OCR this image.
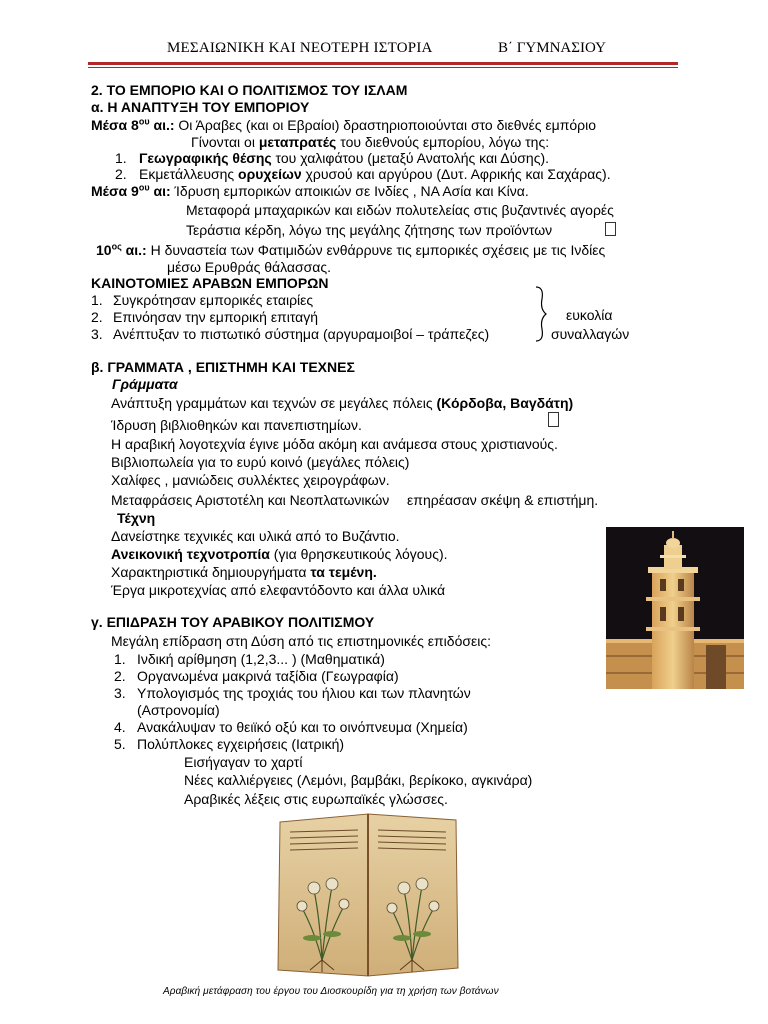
ΜΕΣΑΙΩΝΙΚΗ ΚΑΙ ΝΕΟΤΕΡΗ ΙΣΤΟΡΙΑ	Β΄ ΓΥΜΝΑΣΙΟΥ
2. ΤΟ ΕΜΠΟΡΙΟ ΚΑΙ Ο ΠΟΛΙΤΙΣΜΟΣ ΤΟΥ ΙΣΛΑΜ
α. Η ΑΝΑΠΤΥΞΗ ΤΟΥ ΕΜΠΟΡΙΟΥ
Μέσα $8^{o\upsilon}$ αι.: Οι Άραβες (και οι Εβραίοι) δραστηριοποιούνται στο διεθνές εμπόριο
Γίνονται οι μεταπρατές του διεθνούς εμπορίου, λόγω της:
1. Γεωγραφικής θέσης του χαλιφάτου (μεταξύ Ανατολής και Δύσης).
2. Εκμετάλλευσης ορυχείων χρυσού και αργύρου (Δυτ. Αφρικής και Σαχάρας).
Μέσα $9^{o\upsilon}$ αι: Ίδρυση εμπορικών αποικιών σε Ινδίες , ΝΑ Ασία και Κίνα.
Μεταφορά μπαχαρικών και ειδών πολυτελείας στις βυζαντινές αγορές
Τεράστια κέρδη, λόγω της μεγάλης ζήτησης των προϊόντων
$10^{o\varsigma}$ αι.: Η δυναστεία των Φατιμιδών ενθάρρυνε τις εμπορικές σχέσεις με τις Ινδίες
μέσω Ερυθράς θάλασσας.
ΚΑΙΝΟΤΟΜΙΕΣ ΑΡΑΒΩΝ ΕΜΠΟΡΩΝ
1. Συγκρότησαν εμπορικές εταιρίες
2. Επινόησαν την εμπορική επιταγή
3. Ανέπτυξαν το πιστωτικό σύστημα (αργυραμοιβοί – τράπεζες)
ευκολία
συναλλαγών
β. ΓΡΑΜΜΑΤΑ , ΕΠΙΣΤΗΜΗ ΚΑΙ ΤΕΧΝΕΣ
Γράμματα
Ανάπτυξη γραμμάτων και τεχνών σε μεγάλες πόλεις (Κόρδοβα, Βαγδάτη)
Ίδρυση βιβλιοθηκών και πανεπιστημίων.
Η αραβική λογοτεχνία έγινε μόδα ακόμη και ανάμεσα στους χριστιανούς.
Βιβλιοπωλεία για το ευρύ κοινό (μεγάλες πόλεις)
Χαλίφες , μανιώδεις συλλέκτες χειρογράφων.
Μεταφράσεις Αριστοτέλη και Νεοπλατωνικών  επηρέασαν σκέψη & επιστήμη.
Τέχνη
Δανείστηκε τεχνικές και υλικά από το Βυζάντιο.
Ανεικονική τεχνοτροπία (για θρησκευτικούς λόγους).
Χαρακτηριστικά δημιουργήματα τα τεμένη.
Έργα μικροτεχνίας από ελεφαντόδοντο και άλλα υλικά
γ. ΕΠΙΔΡΑΣΗ ΤΟΥ ΑΡΑΒΙΚΟΥ ΠΟΛΙΤΙΣΜΟΥ
Μεγάλη επίδραση στη Δύση από τις επιστημονικές επιδόσεις:
1. Ινδική αρίθμηση (1,2,3... ) (Μαθηματικά)
2. Οργανωμένα μακρινά ταξίδια (Γεωγραφία)
3. Υπολογισμός της τροχιάς του ήλιου και των πλανητών
(Αστρονομία)
4. Ανακάλυψαν το θειϊκό οξύ και το οινόπνευμα (Χημεία)
5. Πολύπλοκες εγχειρήσεις (Ιατρική)
Εισήγαγαν το χαρτί
Νέες καλλιέργειες (Λεμόνι, βαμβάκι, βερίκοκο, αγκινάρα)
Αραβικές λέξεις στις ευρωπαϊκές γλώσσες.
Αραβική μετάφραση του έργου του Διοσκουρίδη για τη χρήση των βοτάνων
